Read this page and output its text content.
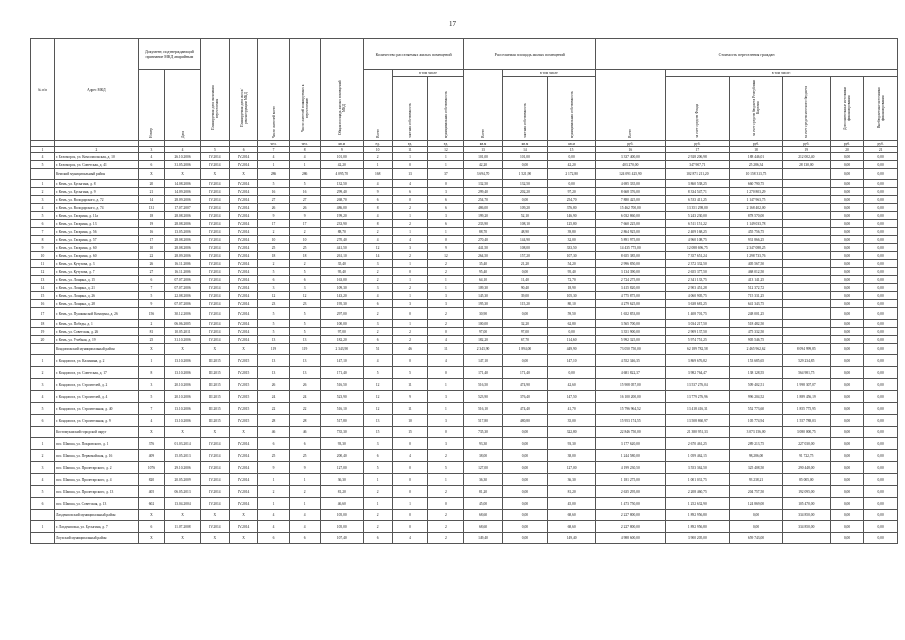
17
№ п/п	Адрес МКД	Документ, подтверждающий признание МКД аварийным		Планируемая дата окончания переселения	Планируемая дата сноса/реконструкции МКД	Число жителей всего	Число жителей планируемых к переселению	Общая площадь жилых помещений МКД	Количество расселяемых жилых помещений			Расселяемая площадь жилых помещений			Стоимость переселения граждан					
		Номер	Дата						Всего	в том числе		Всего	в том числе		Всего	в том числе:				
										частная собственность	муниципальная собственность		частная собственность	муниципальная собственность		за счет средств Фонда	за счет средств бюджета Республики Карелия	за счет средств местного бюджета	Дополнительные источники финансирования	Внебюджетные источники финансирования
						чел.	чел.	кв.м	ед.	ед.	ед.	кв.м	кв.м	кв.м	руб.	руб.	руб.	руб.	руб.	руб.
1	2	3	4	5	6	7	8	9	10	11	12	13	14	15	16	17	18	19	20	21
4	г. Беломорск, ул. Комсомольская, д. 10	4	26.10.2006	IV.2014	IV.2014	4	4	101,00	2	1	1	101,00	101,00	0,00	3 337 400,00	2 928 206,98	188 446,01	212 002,40	0,00	0,00
5	г. Беломорск, ул. Советская, д. 41	6	31.05.2006	IV.2014	IV.2014	1	1	42,20	1	0	1	42,20	0,00	42,20	403 270,00	347 907,71	25 286,34	28 130,00	0,00	0,00
	Кемский муниципальный район	Х	Х	Х	Х	286	286	4 095,70	168	13	37	3 694,70	1 521,90	2 172,80	124 091 425,90	102 871 211,20	10 158 313,75		0,00	0,00
1	г. Кемь, ул. Бусыгина, д. 8	20	14.08.2006	IV.2014	IV.2014	5	5	132,50	4	4	0	132,50	132,50	0,00	4 695 335,00	3 860 538,25	660 790,75		0,00	0,00
2	г. Кемь, ул. Бусыгина, д. 9	21	14.09.2006	IV.2014	IV.2014	16	16	299,40	9	6	3	299,40	202,20	97,20	8 668 376,00	8 334 547,71	1 270 803,29		0,00	0,00
3	г. Кемь, ул. Володарского, д. 72	14	28.09.2006	IV.2014	IV.2014	27	27	268,70	6	0	6	254,70	0,00	254,70	7 880 425,00	6 533 411,25	1 147 963,75		0,00	0,00
4	г. Кемь, ул. Володарского, д. 74	131	17.07.2007	IV.2014	IV.2014	26	26	486,00	8	2	6	486,00	109,20	376,80	15 462 700,00	13 351 298,00	2 168 402,00		0,00	0,00
5	г. Кемь, ул. Гагарина, д. 11а	18	28.08.2006	IV.2014	IV.2014	9	9	199,20	4	1	3	199,20	52,10	146,90	6 032 860,00	5 243 230,00	878 570,00		0,00	0,00
6	г. Кемь, ул. Гагарина, д. 13	19	28.08.2006	IV.2014	IV.2014	17	17	233,90	8	2	6	233,90	108,10	125,80	7 660 225,00	6 511 151,22	1 149 033,78		0,00	0,00
7	г. Кемь, ул. Гагарина, д. 56	16	13.05.2006	IV.2014	IV.2014	2	2	88,70	2	1	1	88,70	48,90	39,80	2 864 925,00	2 409 168,25	455 756,75		0,00	0,00
8	г. Кемь, ул. Гагарина, д. 57	17	28.08.2006	IV.2014	IV.2014	10	10	270,40	4	4	0	270,40	144,90	32,00	5 891 975,00	4 960 108,75	931 866,25		0,00	0,00
9	г. Кемь, ул. Гагарина, д. 60	10	28.08.2006	IV.2014	IV.2014	25	25	441,50	12	3	9	441,50	108,00	333,50	14 435 775,00	12 088 696,75	2 347 088,25		0,00	0,00
10	г. Кемь, ул. Гагарина, д. 60	22	28.09.2006	IV.2014	IV.2014	18	18	261,10	14	2	12	264,50	157,20	107,30	8 655 385,00	7 357 651,24	1 298 733,76		0,00	0,00
11	г. Кемь, ул. Кутузова, д. 3	26	16.11.2006	IV.2014	IV.2014	2	2	35,40	3	1	2	35,40	21,20	54,20	2 996 850,00	2 372 332,50	405 567,50		0,00	0,00
12	г. Кемь, ул. Кутузова, д. 7	27	16.11.2006	IV.2014	IV.2014	5	5	95,40	2	0	2	95,40	0,00	95,40	3 134 390,00	2 655 377,50	468 012,50		0,00	0,00
13	г. Кемь, ул. Лощина, д. 15	6	07.07.2006	IV.2014	IV.2014	6	6	163,00	2	1	1	64,10	11,40	72,70	2 724 275,00	2 341 133,75	413 141,25		0,00	0,00
14	г. Кемь, ул. Лощина, д. 21	7	07.07.2006	IV.2014	IV.2014	3	3	109,30	3	2	1	109,30	90,40	18,90	3 415 820,00	2 903 451,28	512 372,72		0,00	0,00
15	г. Кемь, ул. Лощина, д. 26	5	22.08.2006	IV.2014	IV.2014	12	12	143,20	4	1	3	145,30	39,00	105,30	4 775 875,00	4 060 905,75	715 331,25		0,00	0,00
16	г. Кемь, ул. Лощина, д. 28	9	07.07.2006	IV.2014	IV.2014	23	23	195,30	6	3	3	195,30	115,20	80,10	4 279 625,00	3 638 681,25	641 343,75		0,00	0,00
17	г. Кемь, ул. Пушкинской Коммуны, д. 26	156	30.12.2006	IV.2014	IV.2014	5	5	297,00	2	0	2	30,90	0,00	59,50	1 652 853,00	1 408 701,75	248 001,25		0,00	0,00
18	г. Кемь, ул. Победы, д. 1	2	06.06.2005	IV.2014	IV.2014	5	5	100,00	3	1	2	100,00	32,20	62,80	3 565 700,00	3 034 217,50	518 482,50		0,00	0,00
19	г. Кемь, ул. Советская, д. 26	81	10.05.2011	IV.2014	IV.2014	5	5	97,00	2	2	0	97,00	97,00	0,00	3 351 900,00	2 909 137,50	475 332,50		0,00	0,00
20	г. Кемь, ул. Учебная, д. 19	25	31.10.2006	IV.2014	IV.2014	13	13	182,20	6	2	4	182,20	67,70	114,60	5 992 325,00	5 974 751,25	905 546,75		0,00	0,00
	Кондопожский муниципальный район	Х	Х	Х	Х	119	119	2 343,90	51	46	11	2 343,90	1 894,00	449,90	73 050 750,00	62 189 782,58	2 465 962,62	8 094 999,85	0,00	0,00
1	г. Кондопога, ул. Калинина, д. 2	1	13.10.2006	III.2015	IV.2015	13	13	147,10	4	0	4	147,10	0,00	147,10	4 552 346,35	3 869 676,82	153 685,65	529 234,85	0,00	0,00
2	г. Кондопога, ул. Советская, д. 17	8	13.10.2006	III.2015	IV.2015	13	13	171,40	5	5	0	171,40	171,40	0,00	4 681 822,37	3 982 764,47	138 128,55	564 981,75	0,00	0,00
3	г. Кондопога, ул. Строителей, д. 2	3	20.10.2006	III.2015	IV.2015	26	26	516,50	12	11	1	516,50	474,90	42,60	15 908 057,00	13 537 276,04	509 402,51	1 998 307,07	0,00	0,00
4	г. Кондопога, ул. Строителей, д. 4	5	20.10.2006	III.2015	IV.2015	24	24	523,90	12	9	3	523,90	376,40	147,50	16 100 200,00	13 779 276,96	996 204,52	1 889 456,19	0,00	0,00
5	г. Кондопога, ул. Строительная, д. 40	7	13.10.2006	III.2015	IV.2015	22	22	516,10	12	11	1	516,10	474,40	41,70	15 796 964,52	13 418 416,31	552 773,60	1 855 775,95	0,00	0,00
6	г. Кондопога, ул. Строительная, д. 9	4	13.10.2006	III.2015	IV.2015	28	28	517,80	13	10	3	517,80	480,80	35,00	15 953 174,55	13 508 860,97	105 774,94	1 557 788,03	0,00	0,00
	Костомукшский городской округ	Х	Х	Х	Х	46	46	735,30	15	15	0	735,30	0,00	322,80	22 846 750,00	21 380 951,33	3 073 156,00	3 080 000,75	0,00	0,00
1	пос. Шапша, ул. Покровского, д. 1	376	01.03.2014	IV.2014	IV.2014	6	6	93,30	3	0	3	93,30	0,00	93,30	3 177 620,00	2 670 461,25	289 213,75	227 030,00	0,00	0,00
2	пос. Шапша, ул. Первомайская, д. 16	409	15.05.2013	IV.2014	IV.2014	25	25	200,40	6	4	2	38,00	0,00	38,00	1 244 580,00	1 059 462,15	98,286,00	91 722,75	0,00	0,00
3	пос. Шапша, ул. Пролетарского, д. 2	1076	29.10.2006	IV.2014	IV.2014	9	9	127,00	5	0	5	127,00	0,00	127,00	4 199 230,50	3 553 362,50	325 408,50	290 448,00	0,00	0,00
4	пос. Шапша, ул. Пролетарского, д. 4	820	20.05.2009	IV.2014	IV.2014	1	1	36,30	1	0	1	36,30	0,00	36,30	1 181 275,00	1 001 031,75	93 238,21	85 005,00	0,00	0,00
5	пос. Шапша, ул. Пролетарского, д. 13	405	06.05.2013	IV.2014	IV.2014	2	2	81,20	2	0	2	81,20	0,00	81,20	2 635 295,00	2 208 460,75	204 757,50	192 095,00	0,00	0,00
6	пос. Шапша, ул. Советская, д. 13	602	13.04.2004	IV.2014	IV.2014	1	1	46,60	1	1	0	45,00	0,00	45,00	1 473 750,00	1 252 632,90	124 869,00	105 470,00	0,00	0,00
	Лахденпохский муниципальный район	Х	Х	Х	Х	4	4	105,00	2	0	2	68,60	0,00	68,60	2 227 800,00	1 892 956,80	0,00	334 850,00	0,00	0,00
1	г. Лахденпохья, ул. Бусыгина, д. 7	6	11.07.2008	IV.2014	IV.2014	4	4	105,00	2	0	2	68,60	0,00	68,60	2 227 800,00	1 892 956,80	0,00	334 850,00	0,00	0,00
	Лоухский муниципальный район	Х	Х	Х	Х	6	6	107,40	6	4	2	149,40	0,00	149,40	4 988 600,00	3 900 205,00	659 743,00		0,00	0,00
